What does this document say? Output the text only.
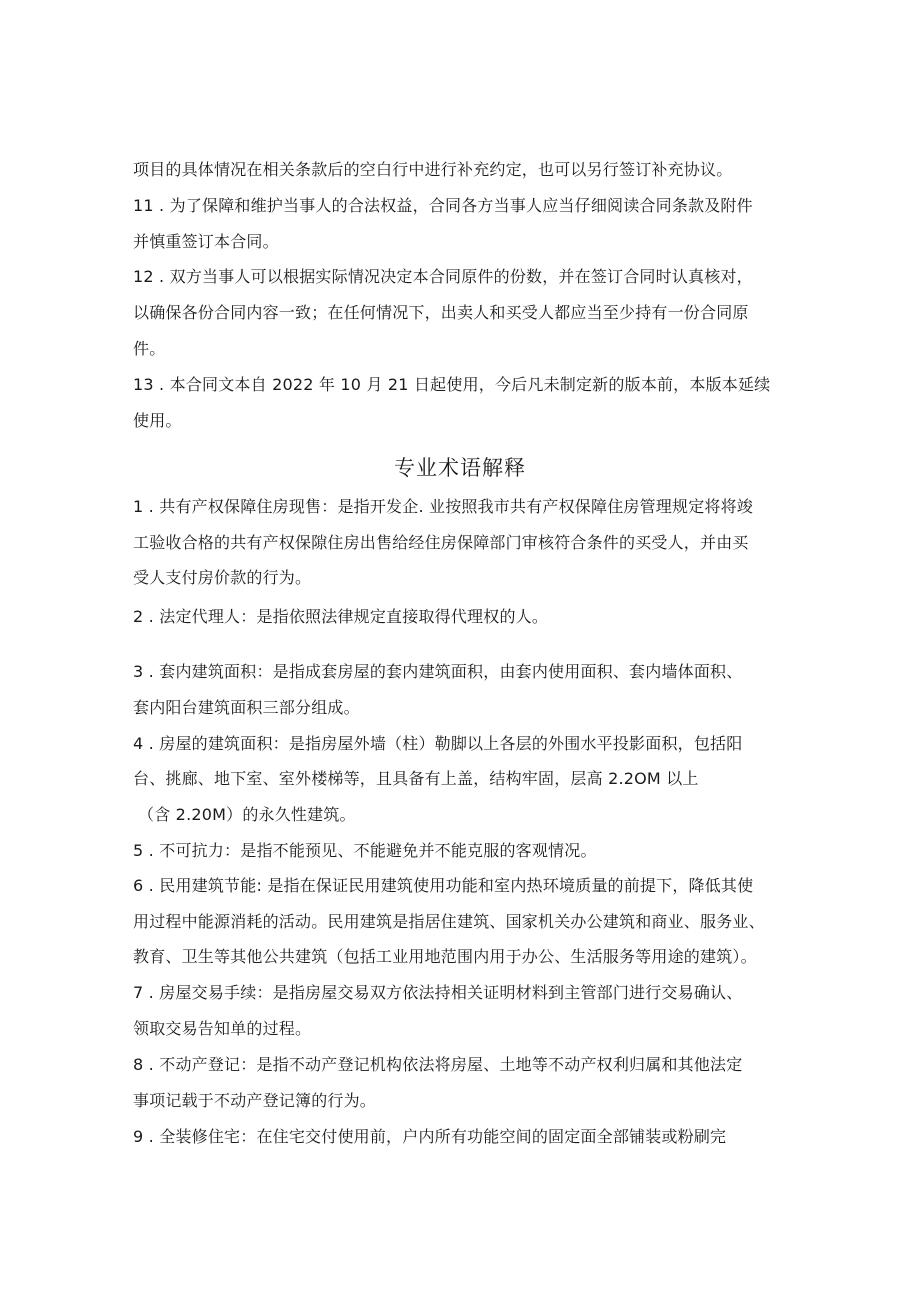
项目的具体情况在相关条款后的空白行中进行补充约定，也可以另行签订补充协议。
11 . 为了保障和维护当事人的合法权益，合同各方当事人应当仔细阅读合同条款及附件
并慎重签订本合同。
12 . 双方当事人可以根据实际情况决定本合同原件的份数，并在签订合同时认真核对，
以确保各份合同内容一致；在任何情况下，出卖人和买受人都应当至少持有一份合同原
件。
13 . 本合同文本自 2022 年 10 月 21 日起使用，今后凡未制定新的版本前，本版本延续
使用。
专业术语解释
1 . 共有产权保障住房现售：是指开发企. 业按照我市共有产权保障住房管理规定将将竣
工验收合格的共有产权保隙住房出售给经住房保障部门审核符合条件的买受人，并由买
受人支付房价款的行为。
2 . 法定代理人：是指依照法律规定直接取得代理权的人。
3 . 套内建筑面积：是指成套房屋的套内建筑面积，由套内使用面积、套内墙体面积、
套内阳台建筑面积三部分组成。
4 . 房屋的建筑面积：是指房屋外墙（柱）勒脚以上各层的外围水平投影面积，包括阳
台、挑廊、地下室、室外楼梯等，且具备有上盖，结构牢固，层高 2.2OM 以上
（含 2.20M）的永久性建筑。
5 . 不可抗力：是指不能预见、不能避免并不能克服的客观情况。
6 . 民用建筑节能: 是指在保证民用建筑使用功能和室内热环境质量的前提下，降低其使
用过程中能源消耗的活动。民用建筑是指居住建筑、国家机关办公建筑和商业、服务业、
教育、卫生等其他公共建筑（包括工业用地范围内用于办公、生活服务等用途的建筑）。
7 . 房屋交易手续：是指房屋交易双方依法持相关证明材料到主管部门进行交易确认、
领取交易告知单的过程。
8 . 不动产登记：是指不动产登记机构依法将房屋、土地等不动产权利归属和其他法定
事项记载于不动产登记簿的行为。
9 . 全装修住宅：在住宅交付使用前，户内所有功能空间的固定面全部铺装或粉刷完
